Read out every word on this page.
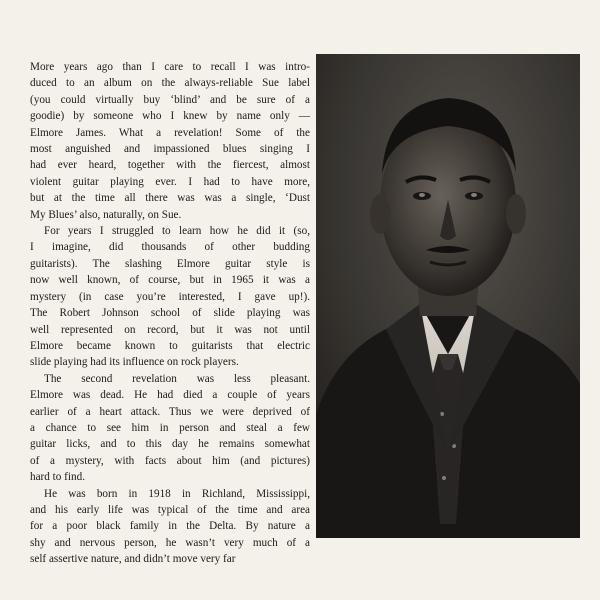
More years ago than I care to recall I was intro-
duced to an album on the always-reliable Sue label
(you could virtually buy ‘blind’ and be sure of a
goodie) by someone who I knew by name only —
Elmore James. What a revelation! Some of the
most anguished and impassioned blues singing I
had ever heard, together with the fiercest, almost
violent guitar playing ever. I had to have more,
but at the time all there was was a single, ‘Dust
My Blues’ also, naturally, on Sue.
For years I struggled to learn how he did it (so,
I imagine, did thousands of other budding
guitarists). The slashing Elmore guitar style is
now well known, of course, but in 1965 it was a
mystery (in case you’re interested, I gave up!).
The Robert Johnson school of slide playing was
well represented on record, but it was not until
Elmore became known to guitarists that electric
slide playing had its influence on rock players.
The second revelation was less pleasant.
Elmore was dead. He had died a couple of years
earlier of a heart attack. Thus we were deprived of
a chance to see him in person and steal a few
guitar licks, and to this day he remains somewhat
of a mystery, with facts about him (and pictures)
hard to find.
He was born in 1918 in Richland, Mississippi,
and his early life was typical of the time and area
for a poor black family in the Delta. By nature a
shy and nervous person, he wasn’t very much of a
self assertive nature, and didn’t move very far
